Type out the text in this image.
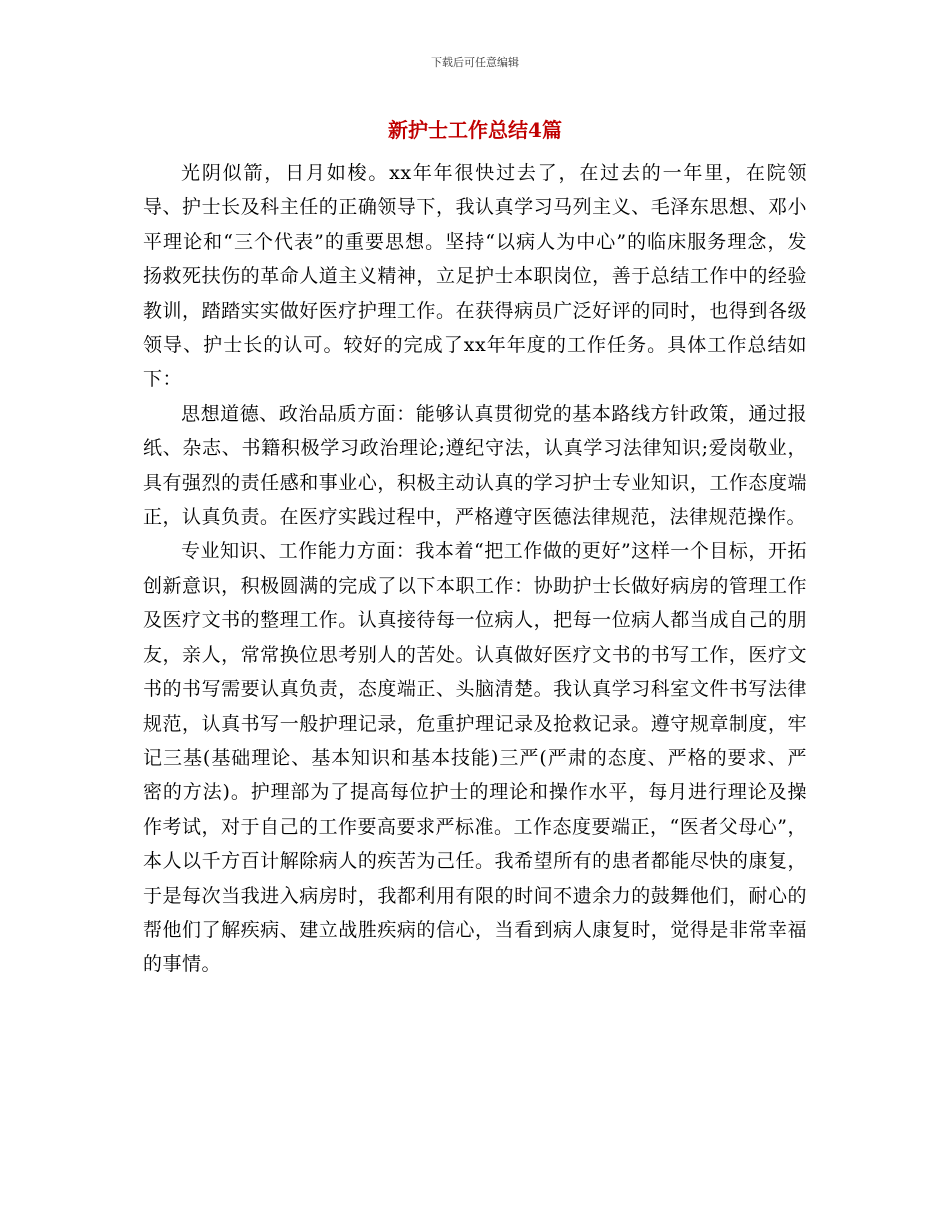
下载后可任意编辑
新护士工作总结4篇

光阴似箭，日月如梭。xx年年很快过去了，在过去的一年里，在院领导、护士长及科主任的正确领导下，我认真学习马列主义、毛泽东思想、邓小平理论和“三个代表”的重要思想。坚持“以病人为中心”的临床服务理念，发扬救死扶伤的革命人道主义精神，立足护士本职岗位，善于总结工作中的经验教训，踏踏实实做好医疗护理工作。在获得病员广泛好评的同时，也得到各级领导、护士长的认可。较好的完成了xx年年度的工作任务。具体工作总结如下：

思想道德、政治品质方面：能够认真贯彻党的基本路线方针政策，通过报纸、杂志、书籍积极学习政治理论;遵纪守法，认真学习法律知识;爱岗敬业，具有强烈的责任感和事业心，积极主动认真的学习护士专业知识，工作态度端正，认真负责。在医疗实践过程中，严格遵守医德法律规范，法律规范操作。

专业知识、工作能力方面：我本着“把工作做的更好”这样一个目标，开拓创新意识，积极圆满的完成了以下本职工作：协助护士长做好病房的管理工作及医疗文书的整理工作。认真接待每一位病人，把每一位病人都当成自己的朋友，亲人，常常换位思考别人的苦处。认真做好医疗文书的书写工作，医疗文书的书写需要认真负责，态度端正、头脑清楚。我认真学习科室文件书写法律规范，认真书写一般护理记录，危重护理记录及抢救记录。遵守规章制度，牢记三基(基础理论、基本知识和基本技能)三严(严肃的态度、严格的要求、严密的方法)。护理部为了提高每位护士的理论和操作水平，每月进行理论及操作考试，对于自己的工作要高要求严标准。工作态度要端正，“医者父母心”，本人以千方百计解除病人的疾苦为己任。我希望所有的患者都能尽快的康复，于是每次当我进入病房时，我都利用有限的时间不遗余力的鼓舞他们，耐心的帮他们了解疾病、建立战胜疾病的信心，当看到病人康复时，觉得是非常幸福的事情。
